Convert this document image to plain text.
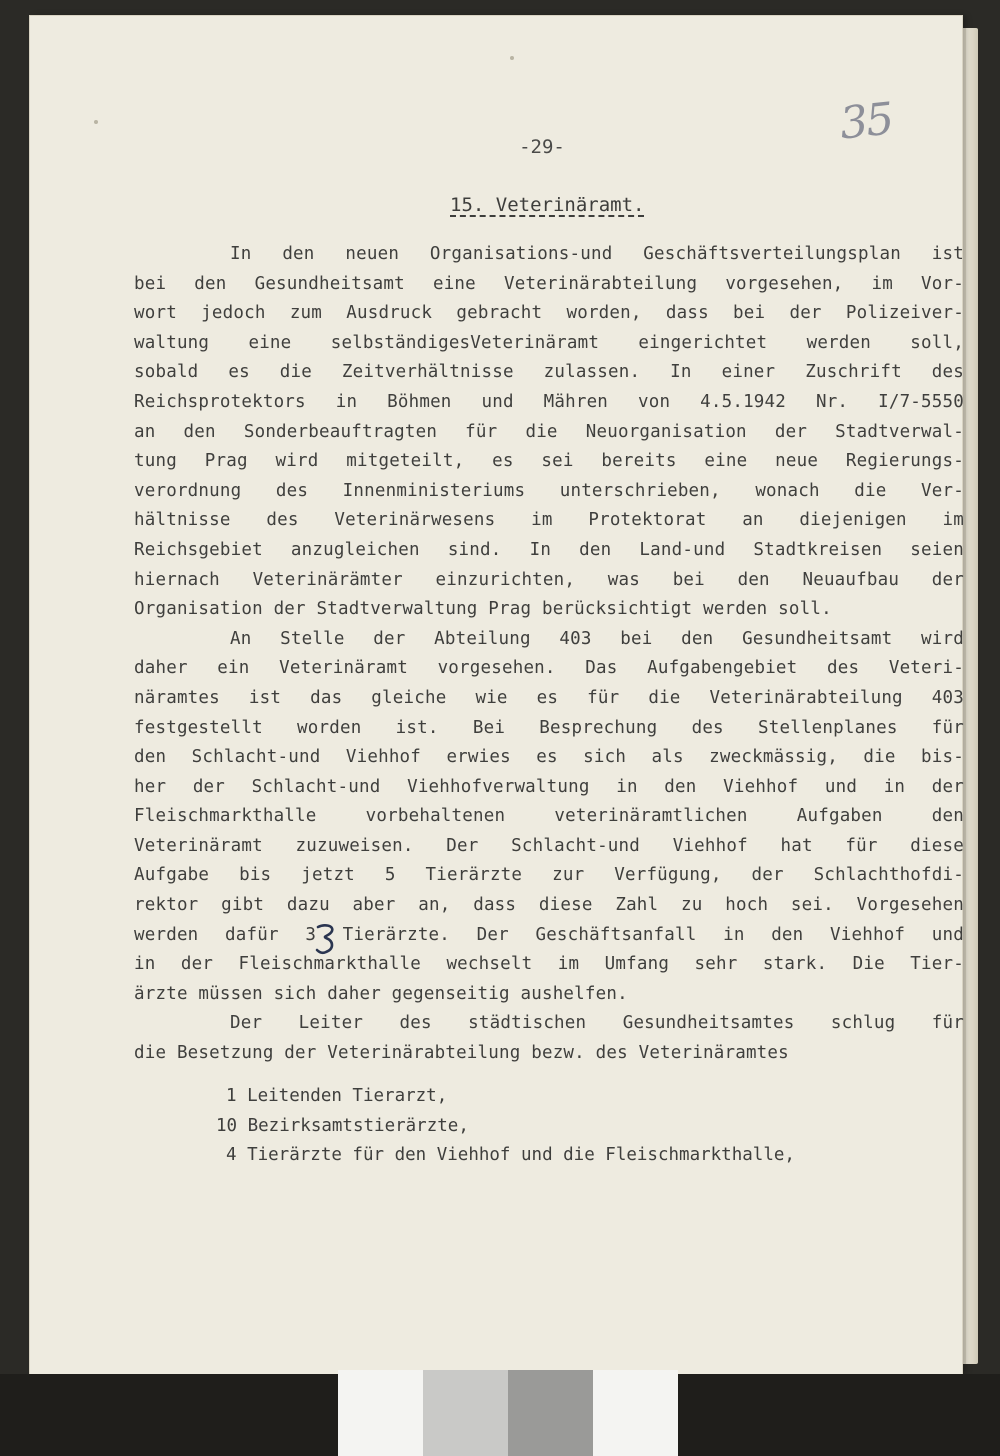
-29-	35
15. Veterinäramt.
In den neuen Organisations-und Geschäftsverteilungsplan ist
bei den Gesundheitsamt eine Veterinärabteilung vorgesehen, im Vor-
wort jedoch zum Ausdruck gebracht worden, dass bei der Polizeiver-
waltung eine selbständigesVeterinäramt eingerichtet werden soll,
sobald es die Zeitverhältnisse zulassen. In einer Zuschrift des
Reichsprotektors in Böhmen und Mähren von 4.5.1942 Nr. I/7-5550
an den Sonderbeauftragten für die Neuorganisation der Stadtverwal-
tung Prag wird mitgeteilt, es sei bereits eine neue Regierungs-
verordnung des Innenministeriums unterschrieben, wonach die Ver-
hältnisse des Veterinärwesens im Protektorat an diejenigen im
Reichsgebiet anzugleichen sind. In den Land-und Stadtkreisen seien
hiernach Veterinärämter einzurichten, was bei den Neuaufbau der
Organisation der Stadtverwaltung Prag berücksichtigt werden soll.
An Stelle der Abteilung 403 bei den Gesundheitsamt wird
daher ein Veterinäramt vorgesehen. Das Aufgabengebiet des Veteri-
näramtes ist das gleiche wie es für die Veterinärabteilung 403
festgestellt worden ist. Bei Besprechung des Stellenplanes für
den Schlacht-und Viehhof erwies es sich als zweckmässig, die bis-
her der Schlacht-und Viehhofverwaltung in den Viehhof und in der
Fleischmarkthalle vorbehaltenen veterinäramtlichen Aufgaben den
Veterinäramt zuzuweisen. Der Schlacht-und Viehhof hat für diese
Aufgabe bis jetzt 5 Tierärzte zur Verfügung, der Schlachthofdi-
rektor gibt dazu aber an, dass diese Zahl zu hoch sei. Vorgesehen
werden dafür 3 Tierärzte. Der Geschäftsanfall in den Viehhof und
in der Fleischmarkthalle wechselt im Umfang sehr stark. Die Tier-
ärzte müssen sich daher gegenseitig aushelfen.
Der Leiter des städtischen Gesundheitsamtes schlug für
die Besetzung der Veterinärabteilung bezw. des Veterinäramtes
1 Leitenden Tierarzt,
10 Bezirksamtstierärzte,
4 Tierärzte für den Viehhof und die Fleischmarkthalle,
